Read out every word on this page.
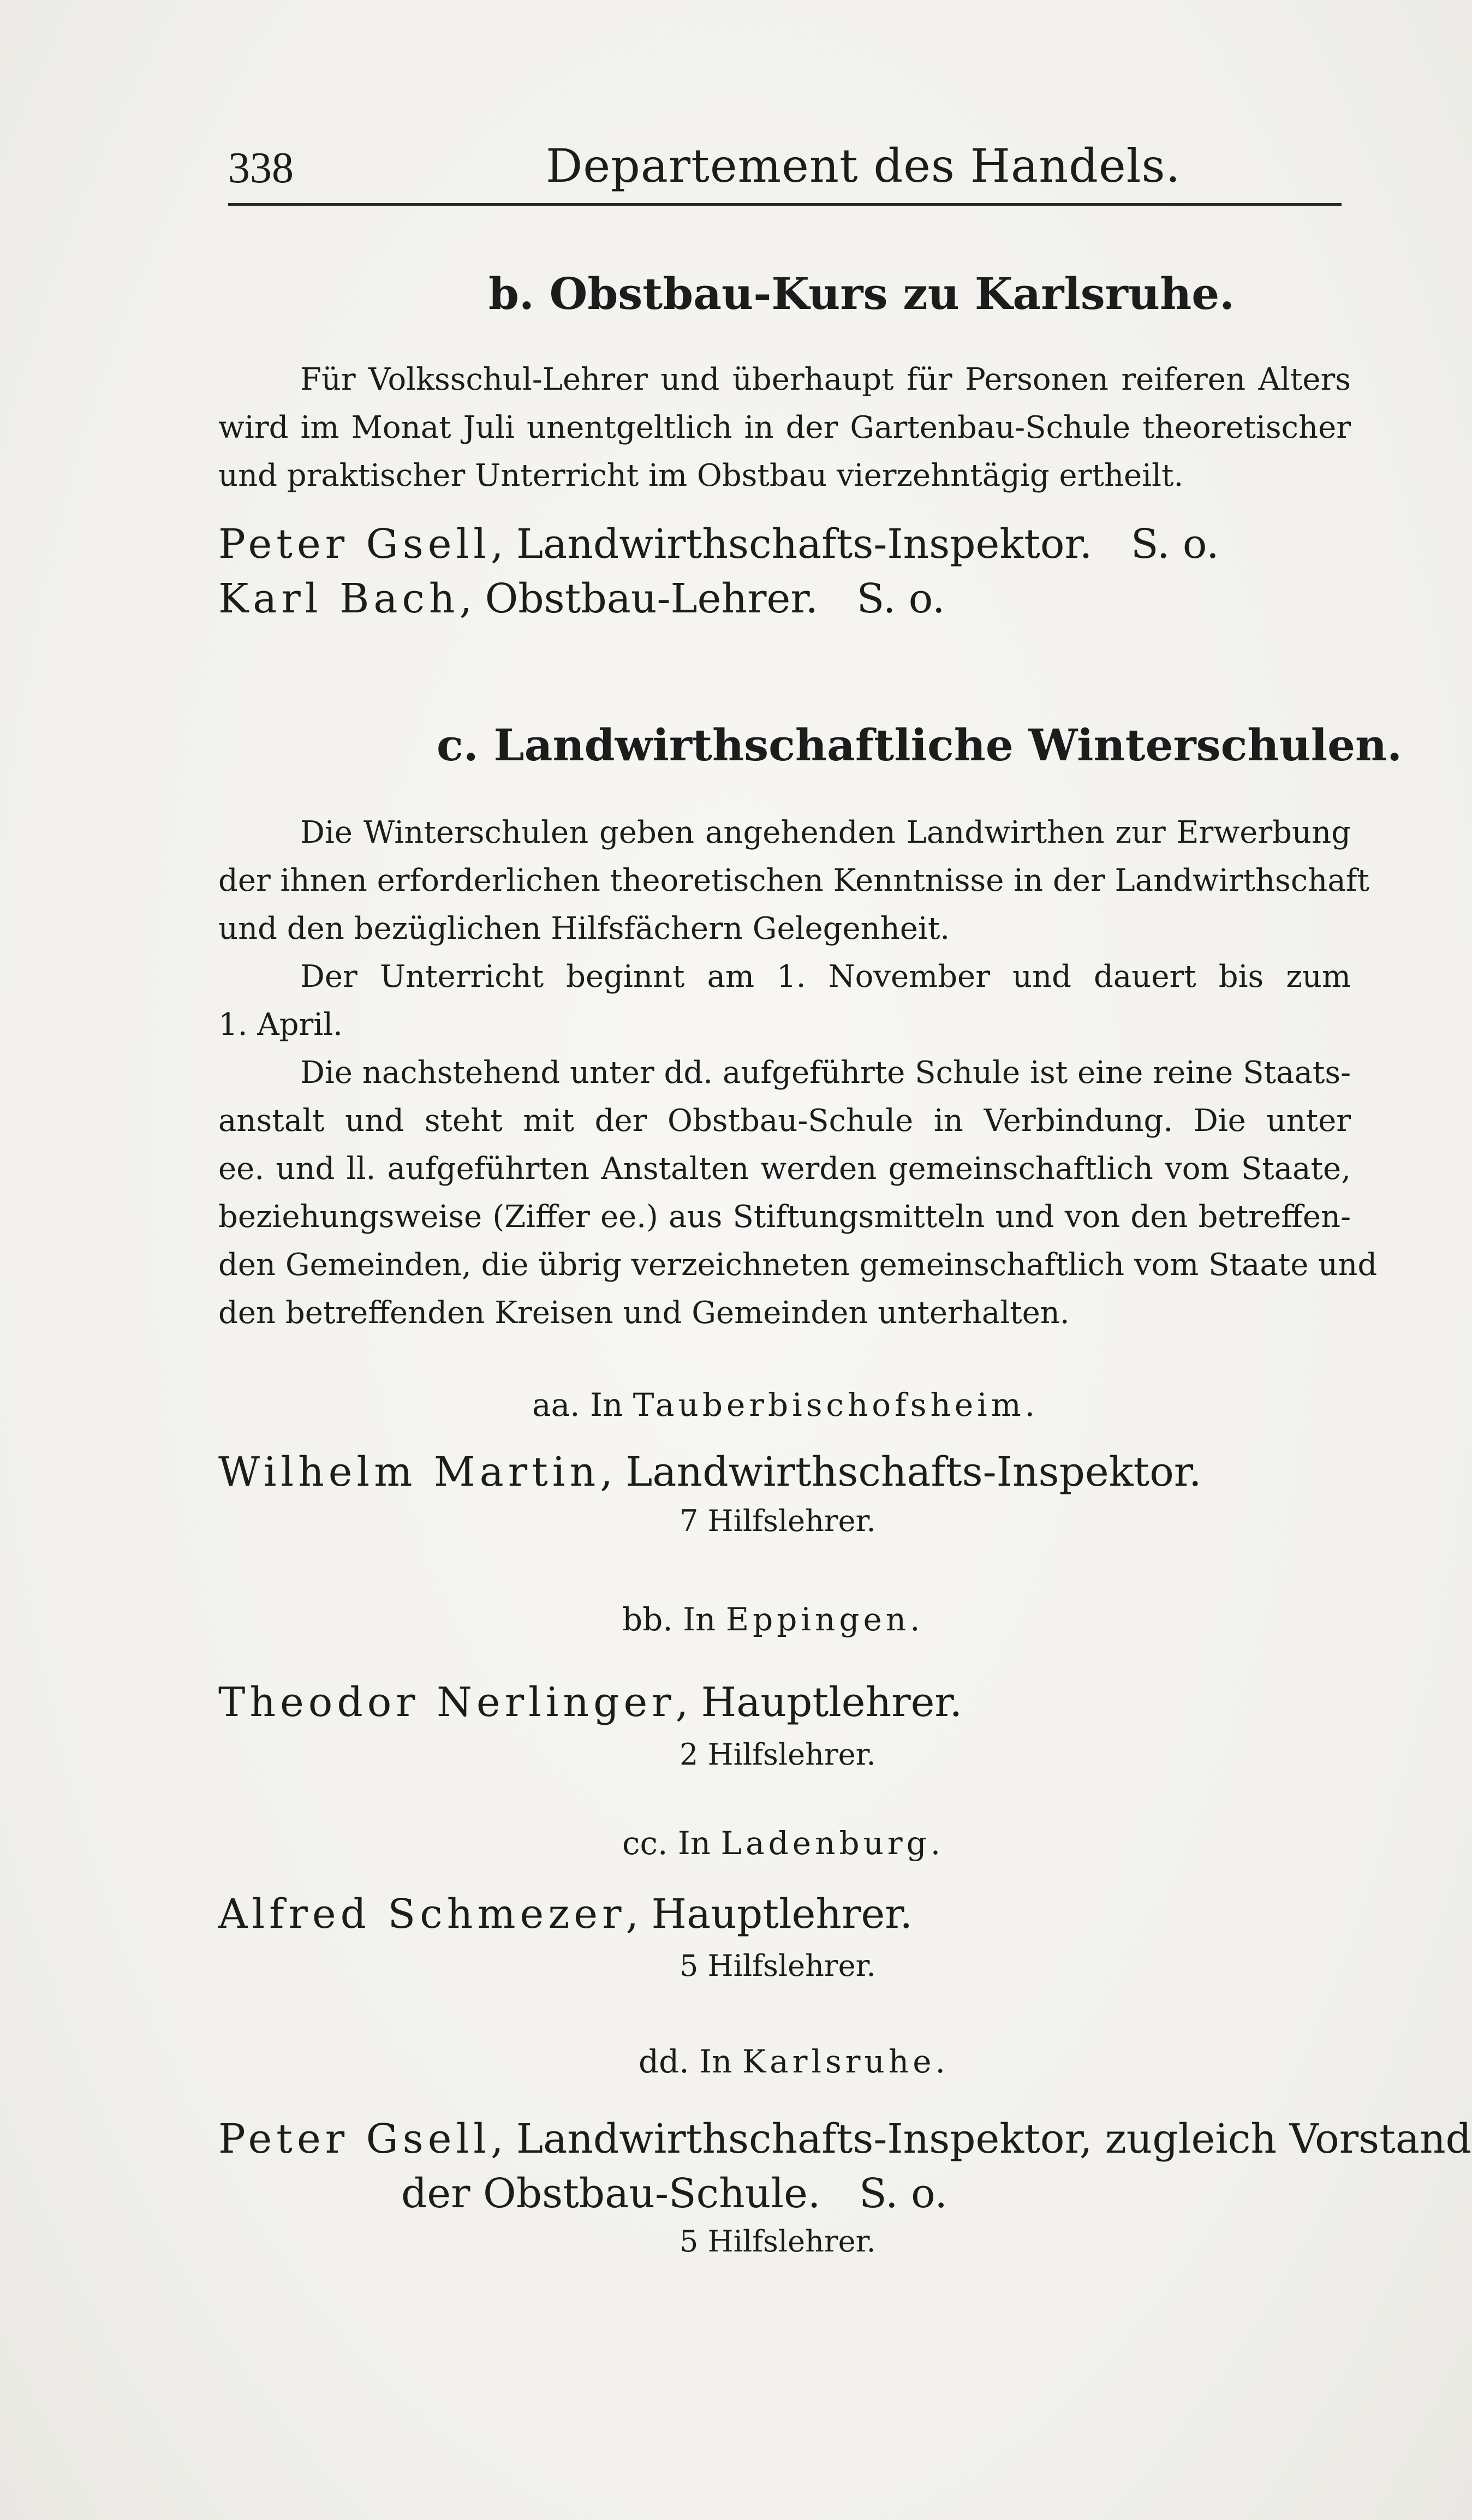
338	Departement des Handels.
b. Obstbau-Kurs zu Karlsruhe.
Für Volksschul-Lehrer und überhaupt für Personen reiferen Alters
wird im Monat Juli unentgeltlich in der Gartenbau-Schule theoretischer
und praktischer Unterricht im Obstbau vierzehntägig ertheilt.
Peter Gsell, Landwirthschafts-Inspektor. S. o.
Karl Bach, Obstbau-Lehrer. S. o.
c. Landwirthschaftliche Winterschulen.
Die Winterschulen geben angehenden Landwirthen zur Erwerbung
der ihnen erforderlichen theoretischen Kenntnisse in der Landwirthschaft
und den bezüglichen Hilfsfächern Gelegenheit.
Der Unterricht beginnt am 1. November und dauert bis zum
1. April.
Die nachstehend unter dd. aufgeführte Schule ist eine reine Staats-
anstalt und steht mit der Obstbau-Schule in Verbindung. Die unter
ee. und ll. aufgeführten Anstalten werden gemeinschaftlich vom Staate,
beziehungsweise (Ziffer ee.) aus Stiftungsmitteln und von den betreffen-
den Gemeinden, die übrig verzeichneten gemeinschaftlich vom Staate und
den betreffenden Kreisen und Gemeinden unterhalten.
aa. In Tauberbischofsheim.
Wilhelm Martin, Landwirthschafts-Inspektor.
7 Hilfslehrer.
bb. In Eppingen.
Theodor Nerlinger, Hauptlehrer.
2 Hilfslehrer.
cc. In Ladenburg.
Alfred Schmezer, Hauptlehrer.
5 Hilfslehrer.
dd. In Karlsruhe.
Peter Gsell, Landwirthschafts-Inspektor, zugleich Vorstand
der Obstbau-Schule. S. o.
5 Hilfslehrer.
